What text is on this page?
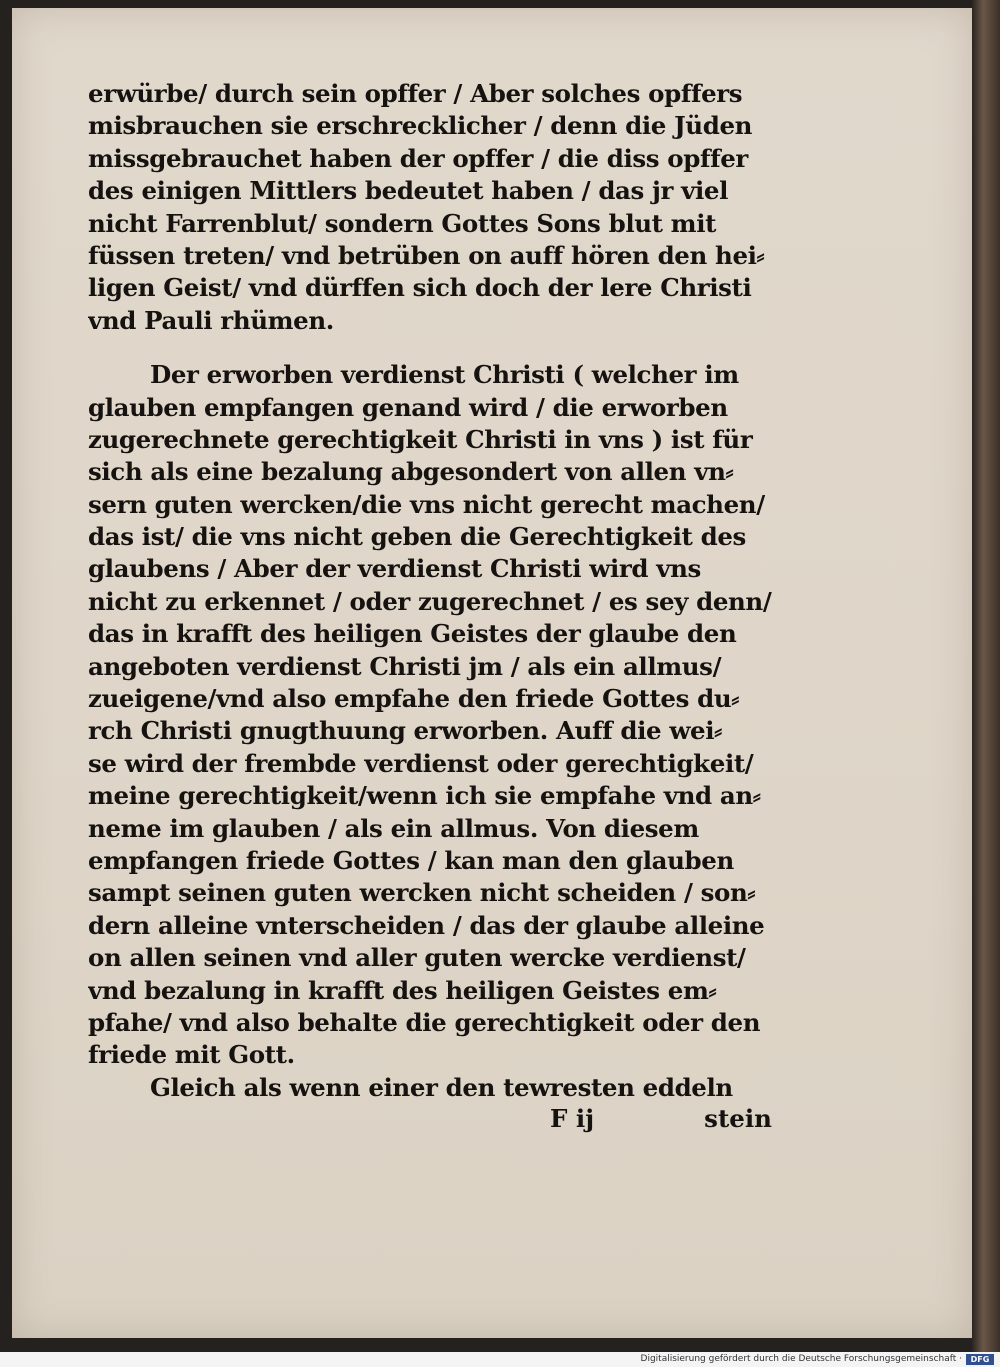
erwürbe/ durch sein opffer / Aber solches opffers
misbrauchen sie erschrecklicher / denn die Jüden
missgebrauchet haben der opffer / die diss opffer
des einigen Mittlers bedeutet haben / das jr viel
nicht Farrenblut/ sondern Gottes Sons blut mit
füssen treten/ vnd betrüben on auff hören den hei⸗
ligen Geist/ vnd dürffen sich doch der lere Christi
vnd Pauli rhümen.
Der erworben verdienst Christi ( welcher im
glauben empfangen genand wird / die erworben
zugerechnete gerechtigkeit Christi in vns ) ist für
sich als eine bezalung abgesondert von allen vn⸗
sern guten wercken/die vns nicht gerecht machen/
das ist/ die vns nicht geben die Gerechtigkeit des
glaubens / Aber der verdienst Christi wird vns
nicht zu erkennet / oder zugerechnet / es sey denn/
das in krafft des heiligen Geistes der glaube den
angeboten verdienst Christi jm / als ein allmus/
zueigene/vnd also empfahe den friede Gottes du⸗
rch Christi gnugthuung erworben. Auff die wei⸗
se wird der frembde verdienst oder gerechtigkeit/
meine gerechtigkeit/wenn ich sie empfahe vnd an⸗
neme im glauben / als ein allmus. Von diesem
empfangen friede Gottes / kan man den glauben
sampt seinen guten wercken nicht scheiden / son⸗
dern alleine vnterscheiden / das der glaube alleine
on allen seinen vnd aller guten wercke verdienst/
vnd bezalung in krafft des heiligen Geistes em⸗
pfahe/ vnd also behalte die gerechtigkeit oder den
friede mit Gott.
Gleich als wenn einer den tewresten eddeln
F ij	stein
Digitalisierung gefördert durch die Deutsche Forschungsgemeinschaft ·	DFG
